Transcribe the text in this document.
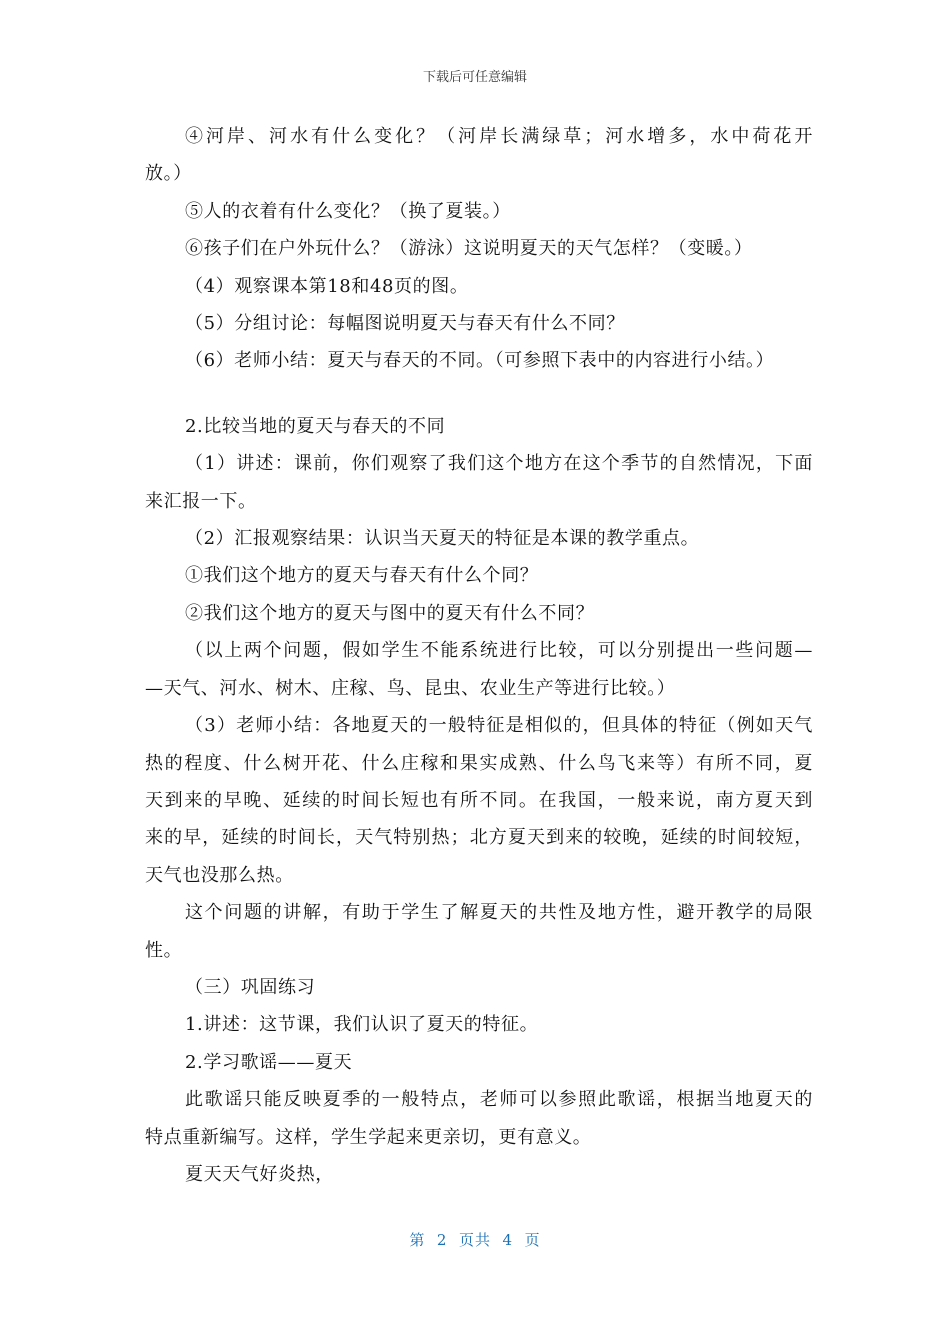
下载后可任意编辑
④河岸、河水有什么变化？（河岸长满绿草；河水增多，水中荷花开
放。）
⑤人的衣着有什么变化？（换了夏装。）
⑥孩子们在户外玩什么？（游泳）这说明夏天的天气怎样？（变暖。）
（4）观察课本第18和48页的图。
（5）分组讨论：每幅图说明夏天与春天有什么不同？
（6）老师小结：夏天与春天的不同。（可参照下表中的内容进行小结。）
2.比较当地的夏天与春天的不同
（1）讲述：课前，你们观察了我们这个地方在这个季节的自然情况，下面
来汇报一下。
（2）汇报观察结果：认识当天夏天的特征是本课的教学重点。
①我们这个地方的夏天与春天有什么个同？
②我们这个地方的夏天与图中的夏天有什么不同？
（以上两个问题，假如学生不能系统进行比较，可以分别提出一些问题—
—天气、河水、树木、庄稼、鸟、昆虫、农业生产等进行比较。）
（3）老师小结：各地夏天的一般特征是相似的，但具体的特征（例如天气
热的程度、什么树开花、什么庄稼和果实成熟、什么鸟飞来等）有所不同，夏
天到来的早晚、延续的时间长短也有所不同。在我国，一般来说，南方夏天到
来的早，延续的时间长，天气特别热；北方夏天到来的较晚，延续的时间较短，
天气也没那么热。
这个问题的讲解，有助于学生了解夏天的共性及地方性，避开教学的局限
性。
（三）巩固练习
1.讲述：这节课，我们认识了夏天的特征。
2.学习歌谣——夏天
此歌谣只能反映夏季的一般特点，老师可以参照此歌谣，根据当地夏天的
特点重新编写。这样，学生学起来更亲切，更有意义。
夏天天气好炎热，
第  2  页共  4  页
